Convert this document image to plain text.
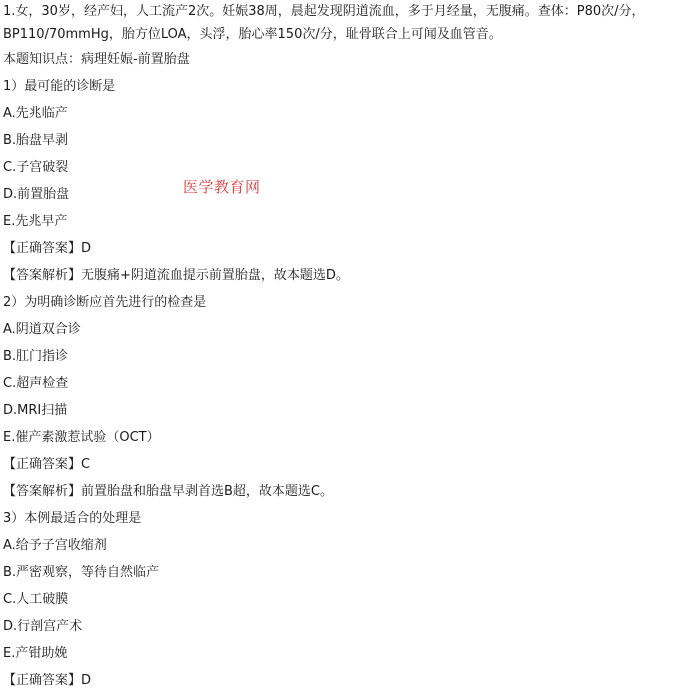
1.女，30岁，经产妇，人工流产2次。妊娠38周，晨起发现阴道流血，多于月经量，无腹痛。查体：P80次/分，BP110/70mmHg，胎方位LOA，头浮，胎心率150次/分，耻骨联合上可闻及血管音。

本题知识点：病理妊娠-前置胎盘

1）最可能的诊断是

A.先兆临产

B.胎盘早剥

C.子宫破裂

D.前置胎盘

E.先兆早产

【正确答案】D

【答案解析】无腹痛+阴道流血提示前置胎盘，故本题选D。

2）为明确诊断应首先进行的检查是

A.阴道双合诊

B.肛门指诊

C.超声检查

D.MRI扫描

E.催产素激惹试验（OCT）

【正确答案】C

【答案解析】前置胎盘和胎盘早剥首选B超，故本题选C。

3）本例最适合的处理是

A.给予子宫收缩剂

B.严密观察，等待自然临产

C.人工破膜

D.行剖宫产术

E.产钳助娩

【正确答案】D

医学教育网
